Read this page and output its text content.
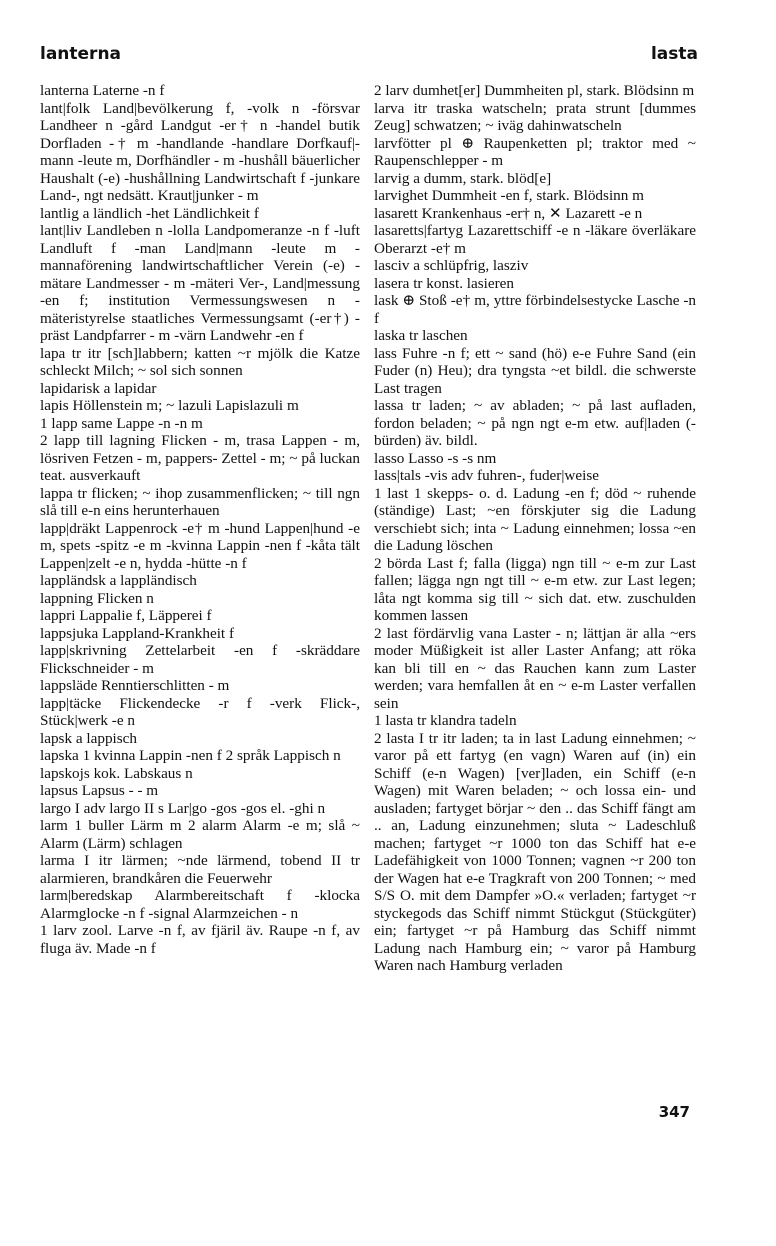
lanterna	lasta

lanterna Laterne -n f

lant|folk Land|bevölkerung f, -volk n -försvar Landheer n -gård Landgut -er† n -handel butik Dorfladen -† m -handlande -handlare Dorfkauf|-mann -leute m, Dorfhändler - m -hushåll bäuerlicher Haushalt (-e) -hushållning Landwirtschaft f -junkare Land-, ngt nedsätt. Kraut|junker - m

lantlig a ländlich -het Ländlichkeit f

lant|liv Landleben n -lolla Landpomeranze -n f -luft Landluft f -man Land|mann -leute m -mannaförening landwirtschaftlicher Verein (-e) -mätare Landmesser - m -mäteri Ver-, Land|messung -en f; institution Vermessungswesen n -mäteristyrelse staatliches Vermessungsamt (-er†) -präst Landpfarrer - m -värn Landwehr -en f

lapa tr itr [sch]labbern; katten ~r mjölk die Katze schleckt Milch; ~ sol sich sonnen

lapidarisk a lapidar

lapis Höllenstein m; ~ lazuli Lapislazuli m

1 lapp same Lappe -n -n m

2 lapp till lagning Flicken - m, trasa Lappen - m, lösriven Fetzen - m, pappers- Zettel - m; ~ på luckan teat. ausverkauft

lappa tr flicken; ~ ihop zusammenflicken; ~ till ngn slå till e-n eins herunterhauen

lapp|dräkt Lappenrock -e† m -hund Lappen|hund -e m, spets -spitz -e m -kvinna Lappin -nen f -kåta tält Lappen|zelt -e n, hydda -hütte -n f

lappländsk a lappländisch

lappning Flicken n

lappri Lappalie f, Läpperei f

lappsjuka Lappland-Krankheit f

lapp|skrivning Zettelarbeit -en f -skräddare Flickschneider - m

lappsläde Renntierschlitten - m

lapp|täcke Flickendecke -r f -verk Flick-, Stück|werk -e n

lapsk a lappisch

lapska 1 kvinna Lappin -nen f 2 språk Lappisch n

lapskojs kok. Labskaus n

lapsus Lapsus - - m

largo I adv largo II s Lar|go -gos -gos el. -ghi n

larm 1 buller Lärm m 2 alarm Alarm -e m; slå ~ Alarm (Lärm) schlagen

larma I itr lärmen; ~nde lärmend, tobend II tr alarmieren, brandkåren die Feuerwehr

larm|beredskap Alarmbereitschaft f -klocka Alarmglocke -n f -signal Alarmzeichen - n

1 larv zool. Larve -n f, av fjäril äv. Raupe -n f, av fluga äv. Made -n f

2 larv dumhet[er] Dummheiten pl, stark. Blödsinn m

larva itr traska watscheln; prata strunt [dummes Zeug] schwatzen; ~ iväg dahinwatscheln

larvfötter pl ⊕ Raupenketten pl; traktor med ~ Raupenschlepper - m

larvig a dumm, stark. blöd[e]

larvighet Dummheit -en f, stark. Blödsinn m

lasarett Krankenhaus -er† n, ✕ Lazarett -e n

lasaretts|fartyg Lazarettschiff -e n -läkare överläkare Oberarzt -e† m

lasciv a schlüpfrig, lasziv

lasera tr konst. lasieren

lask ⊕ Stoß -e† m, yttre förbindelsestycke Lasche -n f

laska tr laschen

lass Fuhre -n f; ett ~ sand (hö) e-e Fuhre Sand (ein Fuder (n) Heu); dra tyngsta ~et bildl. die schwerste Last tragen

lassa tr laden; ~ av abladen; ~ på last aufladen, fordon beladen; ~ på ngn ngt e-m etw. auf|laden (-bürden) äv. bildl.

lasso Lasso -s -s nm

lass|tals -vis adv fuhren-, fuder|weise

1 last 1 skepps- o. d. Ladung -en f; död ~ ruhende (ständige) Last; ~en förskjuter sig die Ladung verschiebt sich; inta ~ Ladung einnehmen; lossa ~en die Ladung löschen

2 börda Last f; falla (ligga) ngn till ~ e-m zur Last fallen; lägga ngn ngt till ~ e-m etw. zur Last legen; låta ngt komma sig till ~ sich dat. etw. zuschulden kommen lassen

2 last fördärvlig vana Laster - n; lättjan är alla ~ers moder Müßigkeit ist aller Laster Anfang; att röka kan bli till en ~ das Rauchen kann zum Laster werden; vara hemfallen åt en ~ e-m Laster verfallen sein

1 lasta tr klandra tadeln

2 lasta I tr itr laden; ta in last Ladung einnehmen; ~ varor på ett fartyg (en vagn) Waren auf (in) ein Schiff (e-n Wagen) [ver]laden, ein Schiff (e-n Wagen) mit Waren beladen; ~ och lossa ein- und ausladen; fartyget börjar ~ den .. das Schiff fängt am .. an, Ladung einzunehmen; sluta ~ Ladeschluß machen; fartyget ~r 1000 ton das Schiff hat e-e Ladefähigkeit von 1000 Tonnen; vagnen ~r 200 ton der Wagen hat e-e Tragkraft von 200 Tonnen; ~ med S/S O. mit dem Dampfer »O.« verladen; fartyget ~r styckegods das Schiff nimmt Stückgut (Stückgüter) ein; fartyget ~r på Hamburg das Schiff nimmt Ladung nach Hamburg ein; ~ varor på Hamburg Waren nach Hamburg verladen

347
